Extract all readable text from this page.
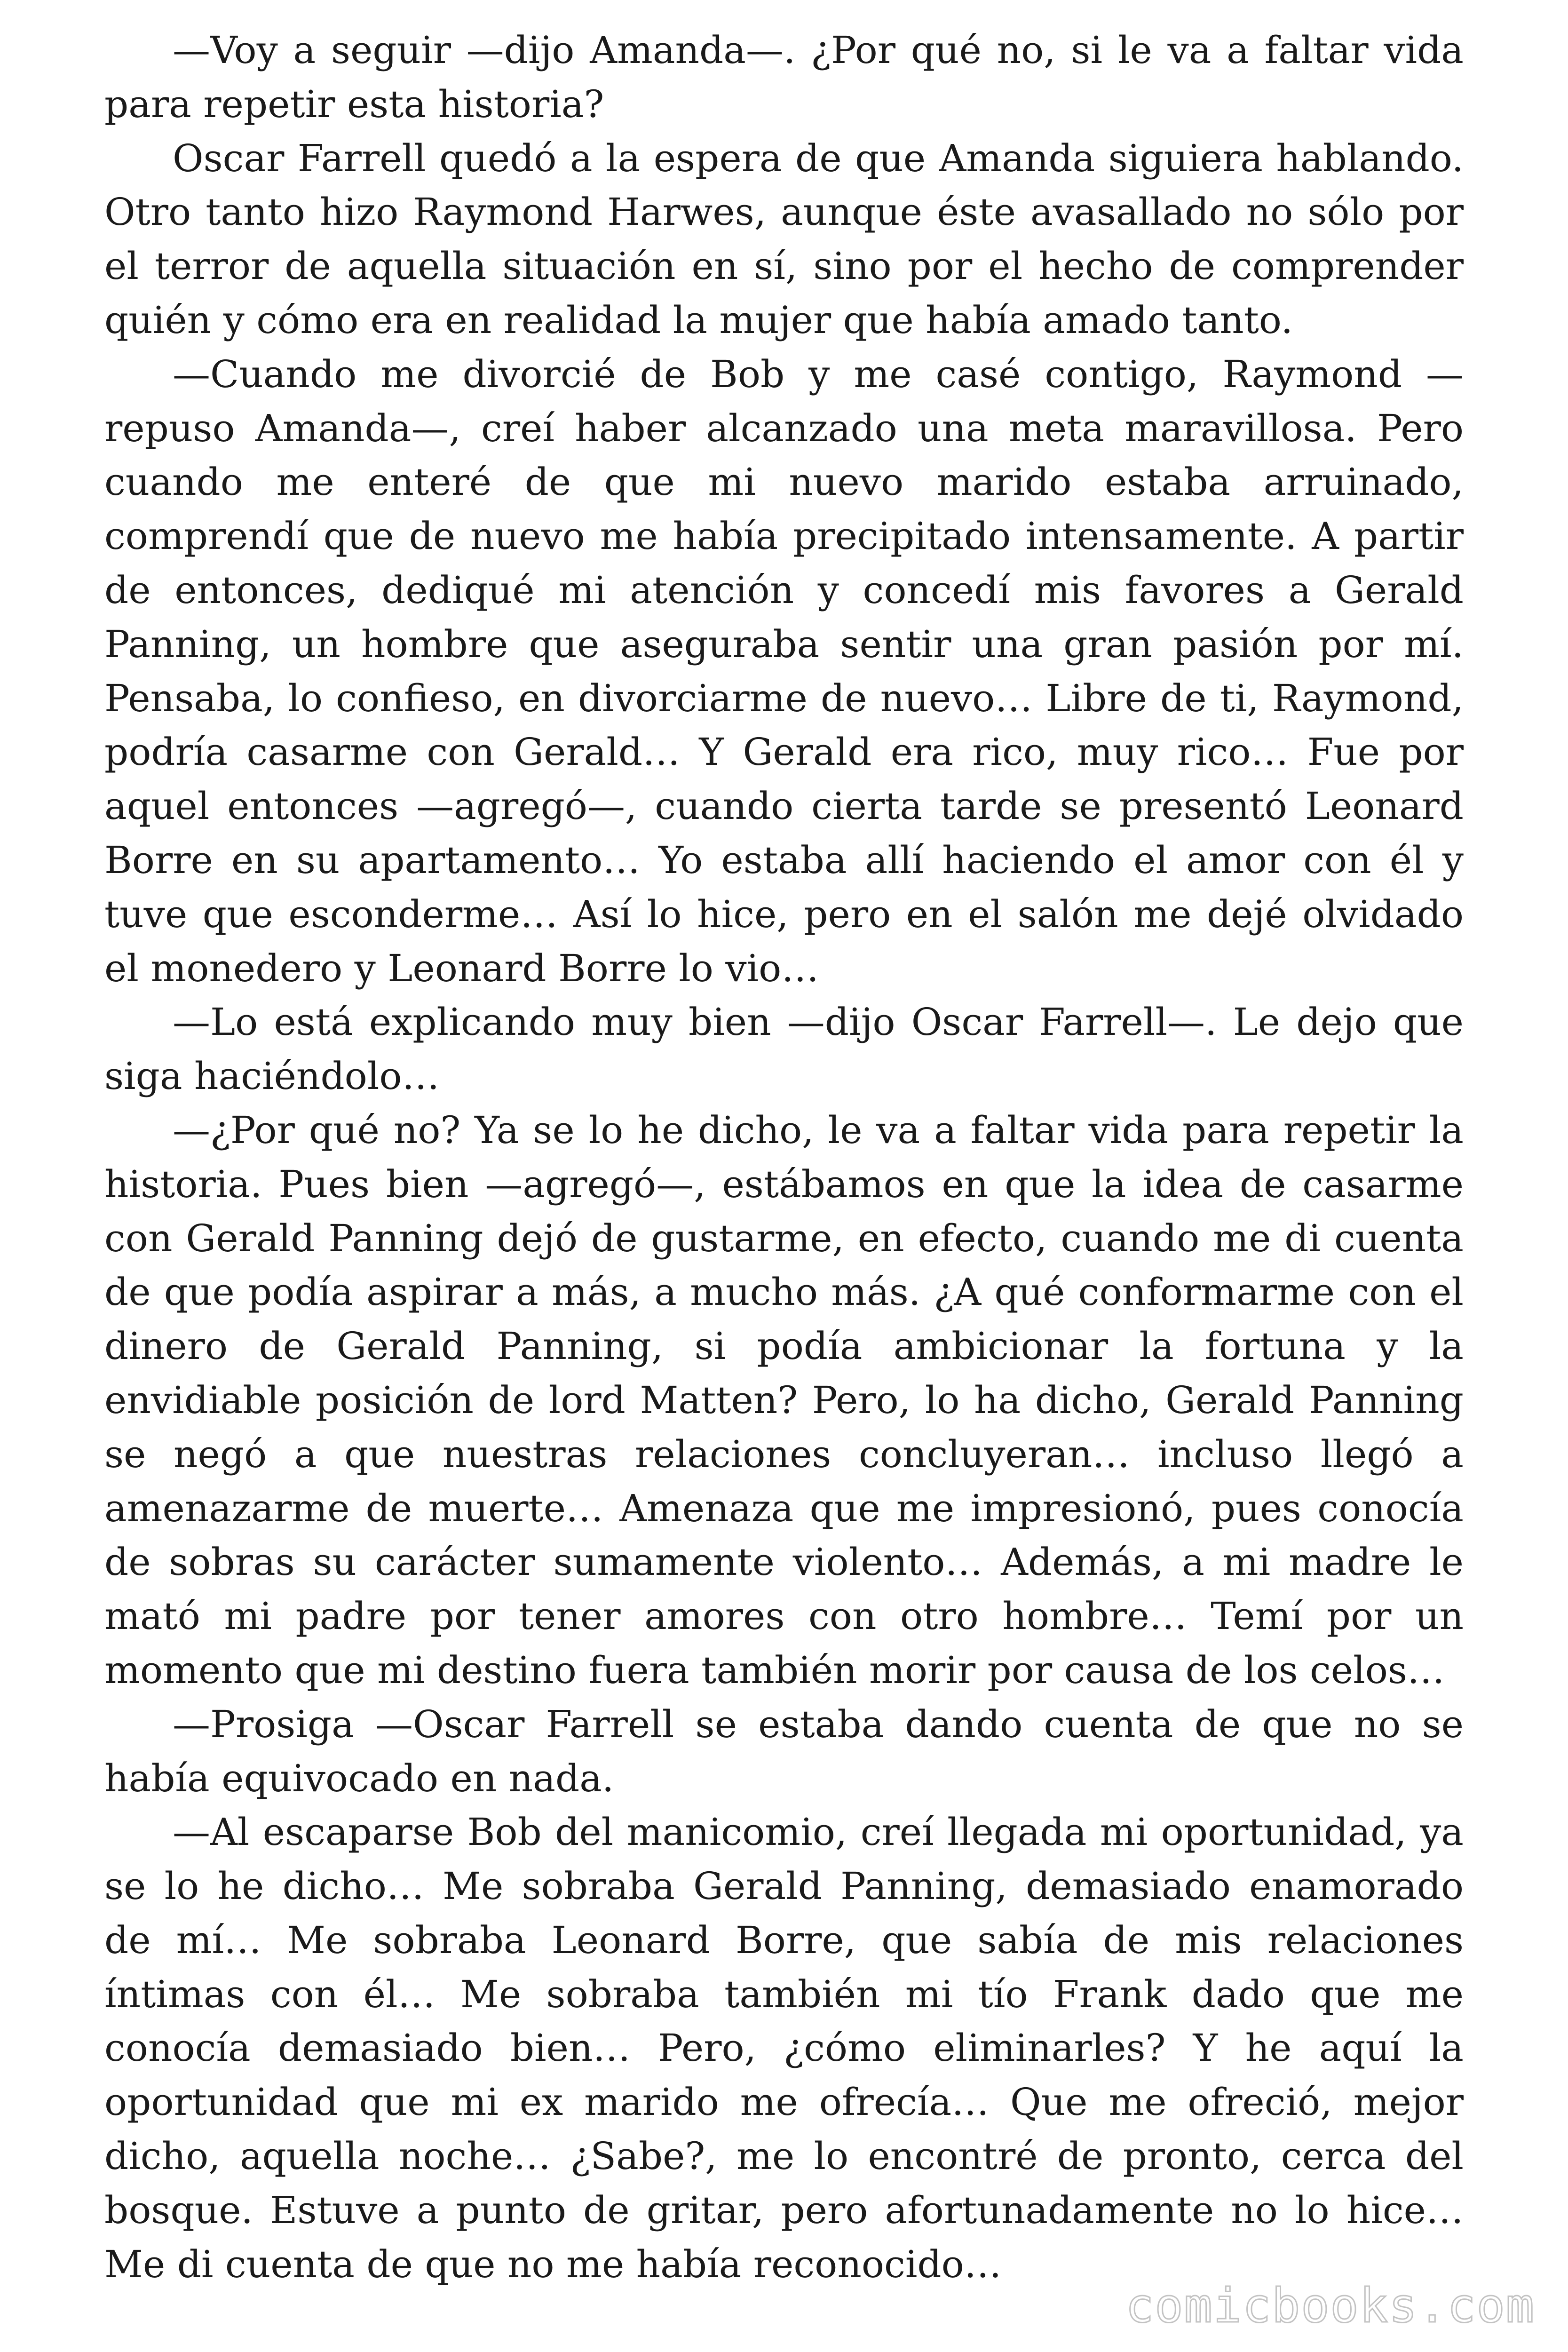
—Voy a seguir —dijo Amanda—. ¿Por qué no, si le va a faltar vida para repetir esta historia?

Oscar Farrell quedó a la espera de que Amanda siguiera hablando. Otro tanto hizo Raymond Harwes, aunque éste avasallado no sólo por el terror de aquella situación en sí, sino por el hecho de comprender quién y cómo era en realidad la mujer que había amado tanto.

—Cuando me divorcié de Bob y me casé contigo, Raymond —repuso Amanda—, creí haber alcanzado una meta maravillosa. Pero cuando me enteré de que mi nuevo marido estaba arruinado, comprendí que de nuevo me había precipitado intensamente. A partir de entonces, dediqué mi atención y concedí mis favores a Gerald Panning, un hombre que aseguraba sentir una gran pasión por mí. Pensaba, lo confieso, en divorciarme de nuevo… Libre de ti, Raymond, podría casarme con Gerald… Y Gerald era rico, muy rico… Fue por aquel entonces —agregó—, cuando cierta tarde se presentó Leonard Borre en su apartamento… Yo estaba allí haciendo el amor con él y tuve que esconderme… Así lo hice, pero en el salón me dejé olvidado el monedero y Leonard Borre lo vio…

—Lo está explicando muy bien —dijo Oscar Farrell—. Le dejo que siga haciéndolo…

—¿Por qué no? Ya se lo he dicho, le va a faltar vida para repetir la historia. Pues bien —agregó—, estábamos en que la idea de casarme con Gerald Panning dejó de gustarme, en efecto, cuando me di cuenta de que podía aspirar a más, a mucho más. ¿A qué conformarme con el dinero de Gerald Panning, si podía ambicionar la fortuna y la envidiable posición de lord Matten? Pero, lo ha dicho, Gerald Panning se negó a que nuestras relaciones concluyeran… incluso llegó a amenazarme de muerte… Amenaza que me impresionó, pues conocía de sobras su carácter sumamente violento… Además, a mi madre le mató mi padre por tener amores con otro hombre… Temí por un momento que mi destino fuera también morir por causa de los celos…

—Prosiga —Oscar Farrell se estaba dando cuenta de que no se había equivocado en nada.

—Al escaparse Bob del manicomio, creí llegada mi oportunidad, ya se lo he dicho… Me sobraba Gerald Panning, demasiado enamorado de mí… Me sobraba Leonard Borre, que sabía de mis relaciones íntimas con él… Me sobraba también mi tío Frank dado que me conocía demasiado bien… Pero, ¿cómo eliminarles? Y he aquí la oportunidad que mi ex marido me ofrecía… Que me ofreció, mejor dicho, aquella noche… ¿Sabe?, me lo encontré de pronto, cerca del bosque. Estuve a punto de gritar, pero afortunadamente no lo hice… Me di cuenta de que no me había reconocido…

comicbooks.com
